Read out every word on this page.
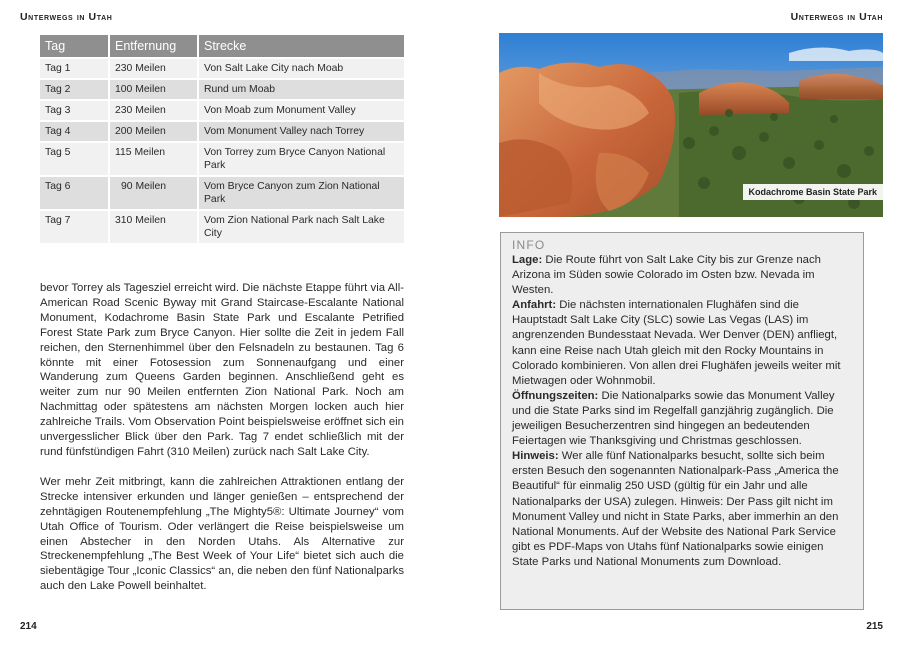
Unterwegs in Utah	Unterwegs in Utah
Tag	Entfernung	Strecke
Tag 1	230 Meilen	Von Salt Lake City nach Moab
Tag 2	100 Meilen	Rund um Moab
Tag 3	230 Meilen	Von Moab zum Monument Valley
Tag 4	200 Meilen	Vom Monument Valley nach Torrey
Tag 5	115 Meilen	Von Torrey zum Bryce Canyon National Park
Tag 6	90 Meilen	Vom Bryce Canyon zum Zion National Park
Tag 7	310 Meilen	Vom Zion National Park nach Salt Lake City

bevor Torrey als Tagesziel erreicht wird. Die nächste Etappe führt via All-American Road Scenic Byway mit Grand Staircase-Escalante National Monument, Kodachrome Basin State Park und Escalante Petrified Forest State Park zum Bryce Canyon. Hier sollte die Zeit in jedem Fall reichen, den Sternenhimmel über den Felsnadeln zu bestaunen. Tag 6 könnte mit einer Fotosession zum Sonnenaufgang und einer Wanderung zum Queens Garden beginnen. Anschließend geht es weiter zum nur 90 Meilen entfernten Zion National Park. Noch am Nachmittag oder spätestens am nächsten Morgen locken auch hier zahlreiche Trails. Vom Observation Point beispielsweise eröffnet sich ein unvergesslicher Blick über den Park. Tag 7 endet schließlich mit der rund fünfstündigen Fahrt (310 Meilen) zurück nach Salt Lake City.

Wer mehr Zeit mitbringt, kann die zahlreichen Attraktionen entlang der Strecke intensiver erkunden und länger genießen – entsprechend der zehntägigen Routenempfehlung „The Mighty5®: Ultimate Journey“ vom Utah Office of Tourism. Oder verlängert die Reise beispielsweise um einen Abstecher in den Norden Utahs. Als Alternative zur Streckenempfehlung „The Best Week of Your Life“ bietet sich auch die siebentägige Tour „Iconic Classics“ an, die neben den fünf Nationalparks auch den Lake Powell beinhaltet.

Kodachrome Basin State Park
INFO
Lage: Die Route führt von Salt Lake City bis zur Grenze nach Arizona im Süden sowie Colorado im Osten bzw. Nevada im Westen.
Anfahrt: Die nächsten internationalen Flughäfen sind die Hauptstadt Salt Lake City (SLC) sowie Las Vegas (LAS) im angrenzenden Bundesstaat Nevada. Wer Denver (DEN) anfliegt, kann eine Reise nach Utah gleich mit den Rocky Mountains in Colorado kombinieren. Von allen drei Flughäfen jeweils weiter mit Mietwagen oder Wohnmobil.
Öffnungszeiten: Die Nationalparks sowie das Monument Valley und die State Parks sind im Regelfall ganzjährig zugänglich. Die jeweiligen Besucherzentren sind hingegen an bedeutenden Feiertagen wie Thanksgiving und Christmas geschlossen.
Hinweis: Wer alle fünf Nationalparks besucht, sollte sich beim ersten Besuch den sogenannten Nationalpark-Pass „America the Beautiful“ für einmalig 250 USD (gültig für ein Jahr und alle Nationalparks der USA) zulegen. Hinweis: Der Pass gilt nicht im Monument Valley und nicht in State Parks, aber immerhin an den National Monuments. Auf der Website des National Park Service gibt es PDF-Maps von Utahs fünf Nationalparks sowie einigen State Parks und National Monuments zum Download.
214	215
